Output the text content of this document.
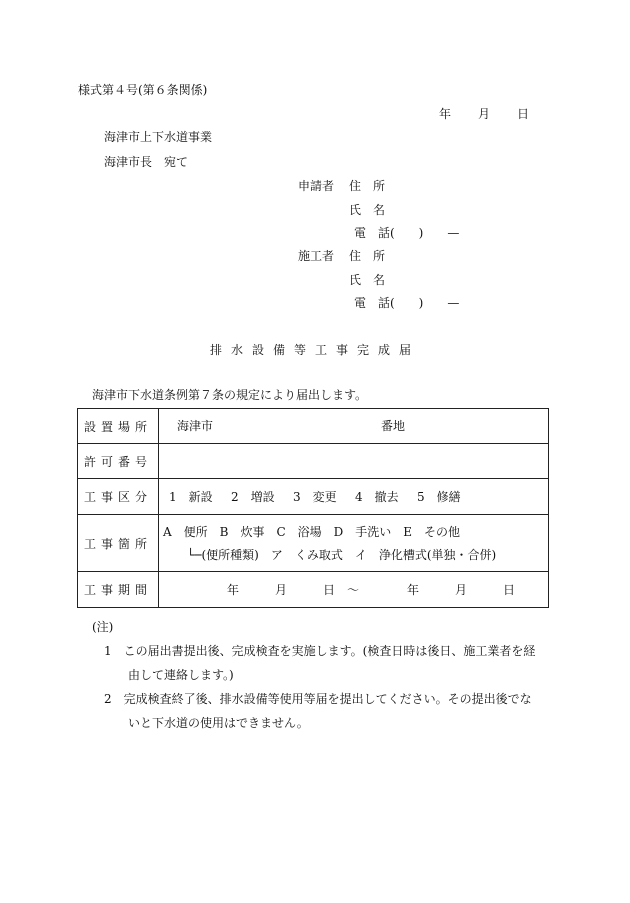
様式第４号(第６条関係)
年 月 日
海津市上下水道事業
海津市長　宛て
申請者 住　所
氏　名
電　話(　　)　　—
施工者 住　所
氏　名
電　話(　　)　　—
排水設備等工事完成届
海津市下水道条例第７条の規定により届出します。
設置場所	海津市 番地

許可番号	
工事区分	1　新設 2　増設 3　変更 4　撤去 5　修繕

工事箇所	A　便所　B　炊事　C　浴場　D　手洗い　E　その他
└─(便所種類)　ア　くみ取式　イ　浄化槽式(単独・合併)

工事期間	年　　　月　　　日　〜 年　　　月　　　日
(注)
1　この届出書提出後、完成検査を実施します。(検査日時は後日、施工業者を経由して連絡します。)
2　完成検査終了後、排水設備等使用等届を提出してください。その提出後でないと下水道の使用はできません。
